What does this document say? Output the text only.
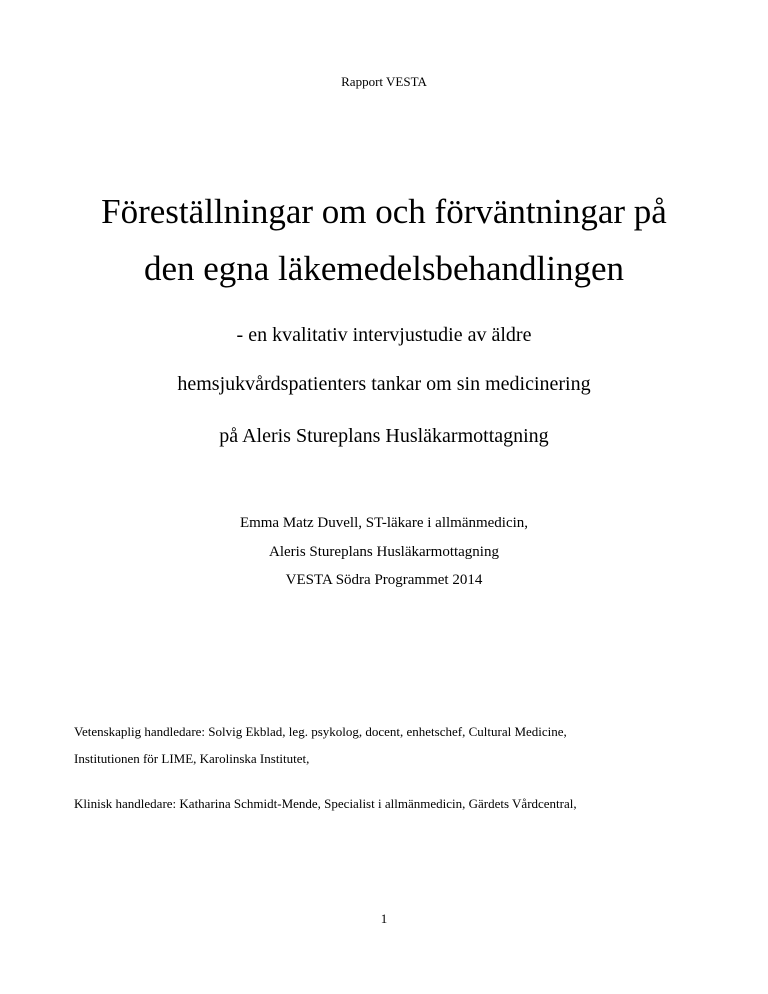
Rapport VESTA
Föreställningar om och förväntningar på
den egna läkemedelsbehandlingen
- en kvalitativ intervjustudie av äldre
hemsjukvårdspatienters tankar om sin medicinering
på Aleris Stureplans Husläkarmottagning
Emma Matz Duvell, ST-läkare i allmänmedicin,
Aleris Stureplans Husläkarmottagning
VESTA Södra Programmet 2014
Vetenskaplig handledare: Solvig Ekblad, leg. psykolog, docent, enhetschef, Cultural Medicine,
Institutionen för LIME, Karolinska Institutet,
Klinisk handledare: Katharina Schmidt-Mende, Specialist i allmänmedicin, Gärdets Vårdcentral,
1
